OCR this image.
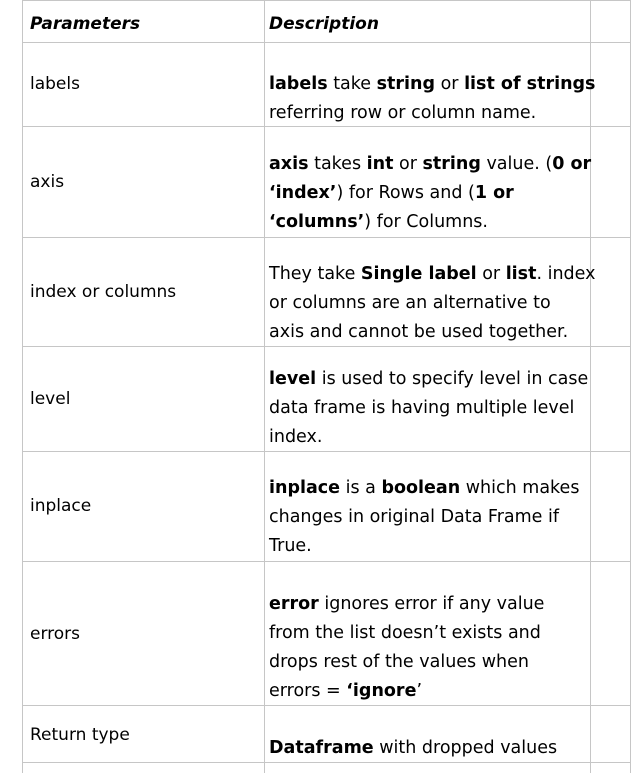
Parameters	Description
labels
axis
index or columns
level
inplace
errors
Return type
labels take string or list of strings
referring row or column name.
axis takes int or string value. (0 or
‘index’) for Rows and (1 or
‘columns’) for Columns.
They take Single label or list. index
or columns are an alternative to
axis and cannot be used together.
level is used to specify level in case
data frame is having multiple level
index.
inplace is a boolean which makes
changes in original Data Frame if
True.
error ignores error if any value
from the list doesn’t exists and
drops rest of the values when
errors = ‘ignore’
Dataframe with dropped values
